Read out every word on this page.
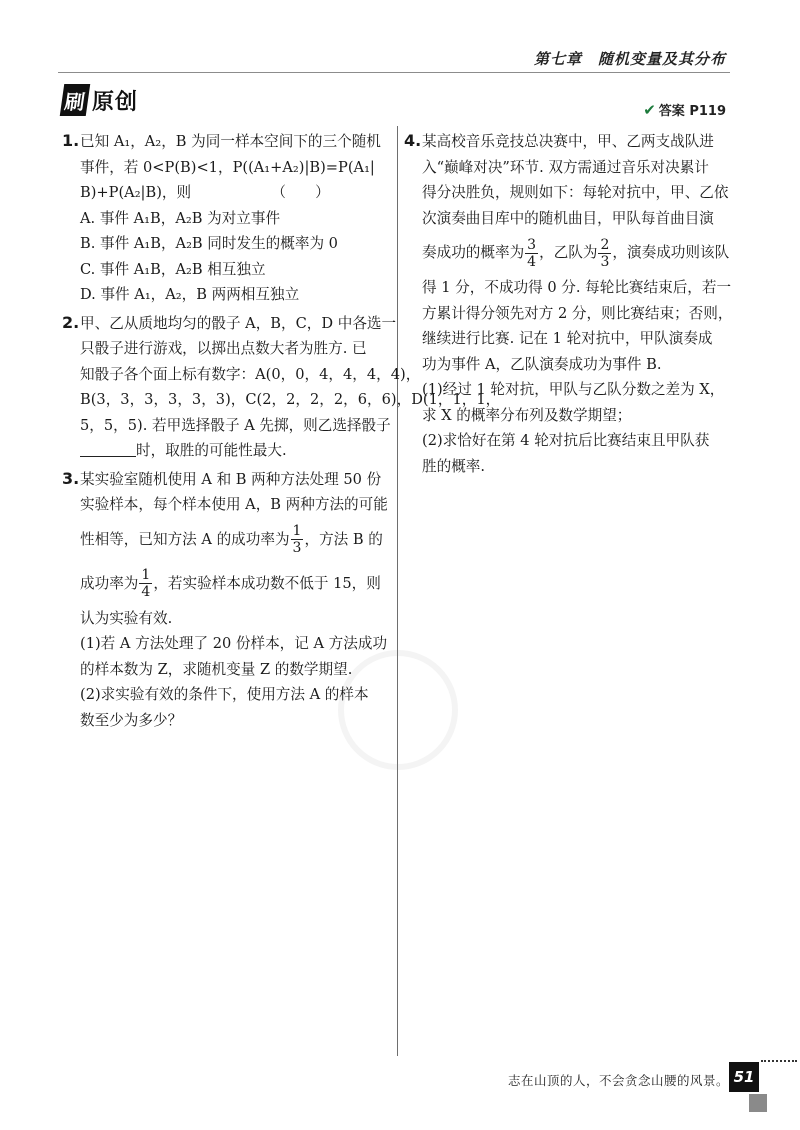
第七章　随机变量及其分布
刷 原创	✔ 答案 P119
1.已知 A₁，A₂，B 为同一样本空间下的三个随机
事件，若 0<P(B)<1，P((A₁+A₂)|B)=P(A₁|
B)+P(A₂|B)，则　　　　　　（　　）
A. 事件 A₁B，A₂B 为对立事件
B. 事件 A₁B，A₂B 同时发生的概率为 0
C. 事件 A₁B，A₂B 相互独立
D. 事件 A₁，A₂，B 两两相互独立
2.甲、乙从质地均匀的骰子 A，B，C，D 中各选一
只骰子进行游戏，以掷出点数大者为胜方. 已
知骰子各个面上标有数字：A(0，0，4，4，4，4)，
B(3，3，3，3，3，3)，C(2，2，2，2，6，6)，D(1，1，1，
5，5，5). 若甲选择骰子 A 先掷，则乙选择骰子
时，取胜的可能性最大.
3.某实验室随机使用 A 和 B 两种方法处理 50 份
实验样本，每个样本使用 A，B 两种方法的可能
性相等，已知方法 A 的成功率为 $\frac{1}{3}$ ，方法 B 的
成功率为 $\frac{1}{4}$ ，若实验样本成功数不低于 15，则
认为实验有效.
(1)若 A 方法处理了 20 份样本，记 A 方法成功
的样本数为 Z，求随机变量 Z 的数学期望.
(2)求实验有效的条件下，使用方法 A 的样本
数至少为多少？
4.某高校音乐竞技总决赛中，甲、乙两支战队进
入“巅峰对决”环节. 双方需通过音乐对决累计
得分决胜负，规则如下：每轮对抗中，甲、乙依
次演奏曲目库中的随机曲目，甲队每首曲目演
奏成功的概率为 $\frac{3}{4}$ ，乙队为 $\frac{2}{3}$ ，演奏成功则该队
得 1 分，不成功得 0 分. 每轮比赛结束后，若一
方累计得分领先对方 2 分，则比赛结束；否则，
继续进行比赛. 记在 1 轮对抗中，甲队演奏成
功为事件 A，乙队演奏成功为事件 B.
(1)经过 1 轮对抗，甲队与乙队分数之差为 X，
求 X 的概率分布列及数学期望；
(2)求恰好在第 4 轮对抗后比赛结束且甲队获
胜的概率.
志在山顶的人，不会贪念山腰的风景。 51
